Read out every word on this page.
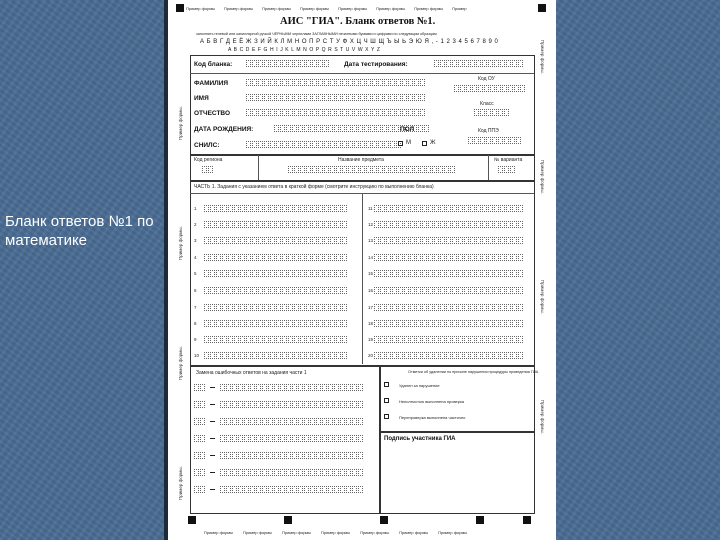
Бланк ответов №1 по математике
Пример формы Пример формы Пример формы Пример формы Пример формы Пример формы Пример формы Пример
Пример формы.
Пример формы.
Пример формы.
Пример формы.
Пример формы.
Пример формы.
Пример формы.
Пример формы.
АИС "ГИА". Бланк ответов №1.
заполнять гелевой или капиллярной ручкой ЧЁРНЫМИ чернилами ЗАГЛАВНЫМИ печатными буквами и цифрами по следующим образцам
А Б В Г Д Е Ё Ж З И Й К Л М Н О П Р С Т У Ф Х Ц Ч Ш Щ Ъ Ы Ь Э Ю Я , - 1 2 3 4 5 6 7 8 9 0
A B C D E F G H I J K L M N O P Q R S T U V W X Y Z
Код бланка:	Дата тестирования:
ФАМИЛИЯ
ИМЯ
ОТЧЕСТВО
ДАТА РОЖДЕНИЯ:
СНИЛС:
Код ОУ
Класс
ПОЛ
М	Ж
Код ППЭ
Код региона	Название предмета	№ варианта
ЧАСТЬ 1. Задания с указанием ответа в краткой форме (смотрите инструкцию по выполнению бланка)
1
2
3
4
5
6
7
8
9
10
11
12
13
14
15
16
17
18
19
20
Замена ошибочных ответов на задания части 1	Отметки об удалении по причине нарушения процедуры проведения ГИА
Удален за нарушение
Неполностью выполнена проверка
Перепроверка выполнена частично
Подпись участника ГИА
Пример формы	Пример формы	Пример формы	Пример формы	Пример формы	Пример формы	Пример формы
